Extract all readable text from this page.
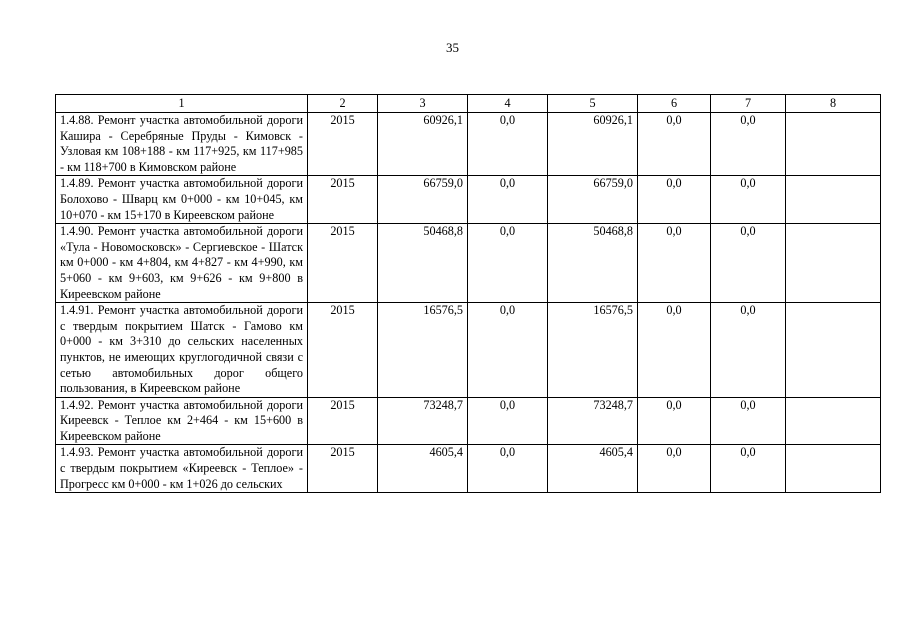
35
1	2	3	4	5	6	7	8
1.4.88. Ремонт участка автомобильной дороги Кашира - Серебряные Пруды - Кимовск - Узловая км 108+188 - км 117+925, км 117+985 - км 118+700 в Кимовском районе	2015	60926,1	0,0	60926,1	0,0	0,0	
1.4.89. Ремонт участка автомобильной дороги Болохово - Шварц км 0+000 - км 10+045, км 10+070 - км 15+170 в Киреевском районе	2015	66759,0	0,0	66759,0	0,0	0,0	
1.4.90. Ремонт участка автомобильной дороги «Тула - Новомосковск» - Сергиевское - Шатск км 0+000 - км 4+804, км 4+827 - км 4+990, км 5+060 - км 9+603, км 9+626 - км 9+800 в Киреевском районе	2015	50468,8	0,0	50468,8	0,0	0,0	
1.4.91. Ремонт участка автомобильной дороги с твердым покрытием Шатск - Гамово км 0+000 - км 3+310 до сельских населенных пунктов, не имеющих круглогодичной связи с сетью автомобильных дорог общего пользования, в Киреевском районе	2015	16576,5	0,0	16576,5	0,0	0,0	
1.4.92. Ремонт участка автомобильной дороги Киреевск - Теплое км 2+464 - км 15+600 в Киреевском районе	2015	73248,7	0,0	73248,7	0,0	0,0	
1.4.93. Ремонт участка автомобильной дороги с твердым покрытием «Киреевск - Теплое» - Прогресс км 0+000 - км 1+026 до сельских	2015	4605,4	0,0	4605,4	0,0	0,0	
